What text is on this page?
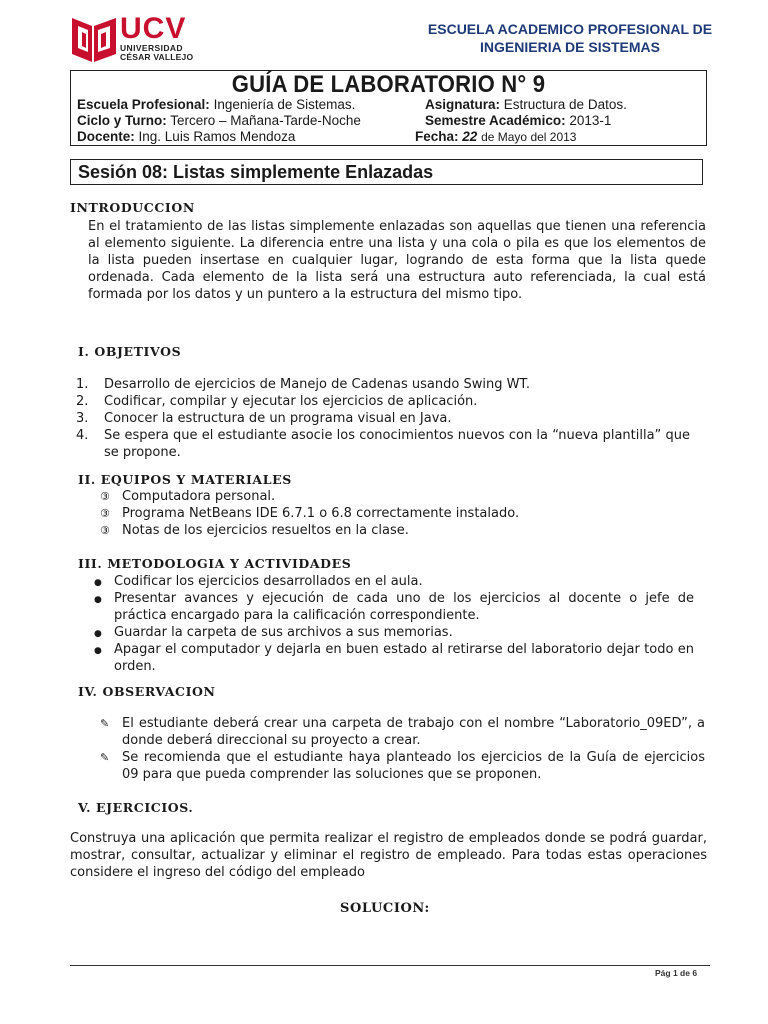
UCV
UNIVERSIDAD
CÉSAR VALLEJO
ESCUELA ACADEMICO PROFESIONAL DE
INGENIERIA DE SISTEMAS
GUÍA DE LABORATORIO N° 9
Escuela Profesional: Ingeniería de Sistemas.	Asignatura: Estructura de Datos.
Ciclo y Turno: Tercero – Mañana-Tarde-Noche	Semestre Académico: 2013-1
Docente: Ing. Luis Ramos Mendoza	Fecha: 22 de Mayo del 2013
Sesión 08: Listas simplemente Enlazadas
INTRODUCCION
En el tratamiento de las listas simplemente enlazadas son aquellas que tienen una referencia al elemento siguiente. La diferencia entre una lista y una cola o pila es que los elementos de la lista pueden insertase en cualquier lugar, logrando de esta forma que la lista quede ordenada. Cada elemento de la lista será una estructura auto referenciada, la cual está formada por los datos y un puntero a la estructura del mismo tipo.
I. OBJETIVOS
1. Desarrollo de ejercicios de Manejo de Cadenas usando Swing WT.
2. Codificar, compilar y ejecutar los ejercicios de aplicación.
3. Conocer la estructura de un programa visual en Java.
4. Se espera que el estudiante asocie los conocimientos nuevos con la “nueva plantilla” que se propone.
II. EQUIPOS Y MATERIALES
③ Computadora personal.
③ Programa NetBeans IDE 6.7.1 o 6.8 correctamente instalado.
③ Notas de los ejercicios resueltos en la clase.
III. METODOLOGIA Y ACTIVIDADES
● Codificar los ejercicios desarrollados en el aula.
● Presentar avances y ejecución de cada uno de los ejercicios al docente o jefe de práctica encargado para la calificación correspondiente.
● Guardar la carpeta de sus archivos a sus memorias.
● Apagar el computador y dejarla en buen estado al retirarse del laboratorio dejar todo en orden.
IV. OBSERVACION
✎ El estudiante deberá crear una carpeta de trabajo con el nombre “Laboratorio_09ED”, a donde deberá direccional su proyecto a crear.
✎ Se recomienda que el estudiante haya planteado los ejercicios de la Guía de ejercicios 09 para que pueda comprender las soluciones que se proponen.
V. EJERCICIOS.
Construya una aplicación que permita realizar el registro de empleados donde se podrá guardar, mostrar, consultar, actualizar y eliminar el registro de empleado. Para todas estas operaciones considere el ingreso del código del empleado
SOLUCION:
Pág 1 de 6
